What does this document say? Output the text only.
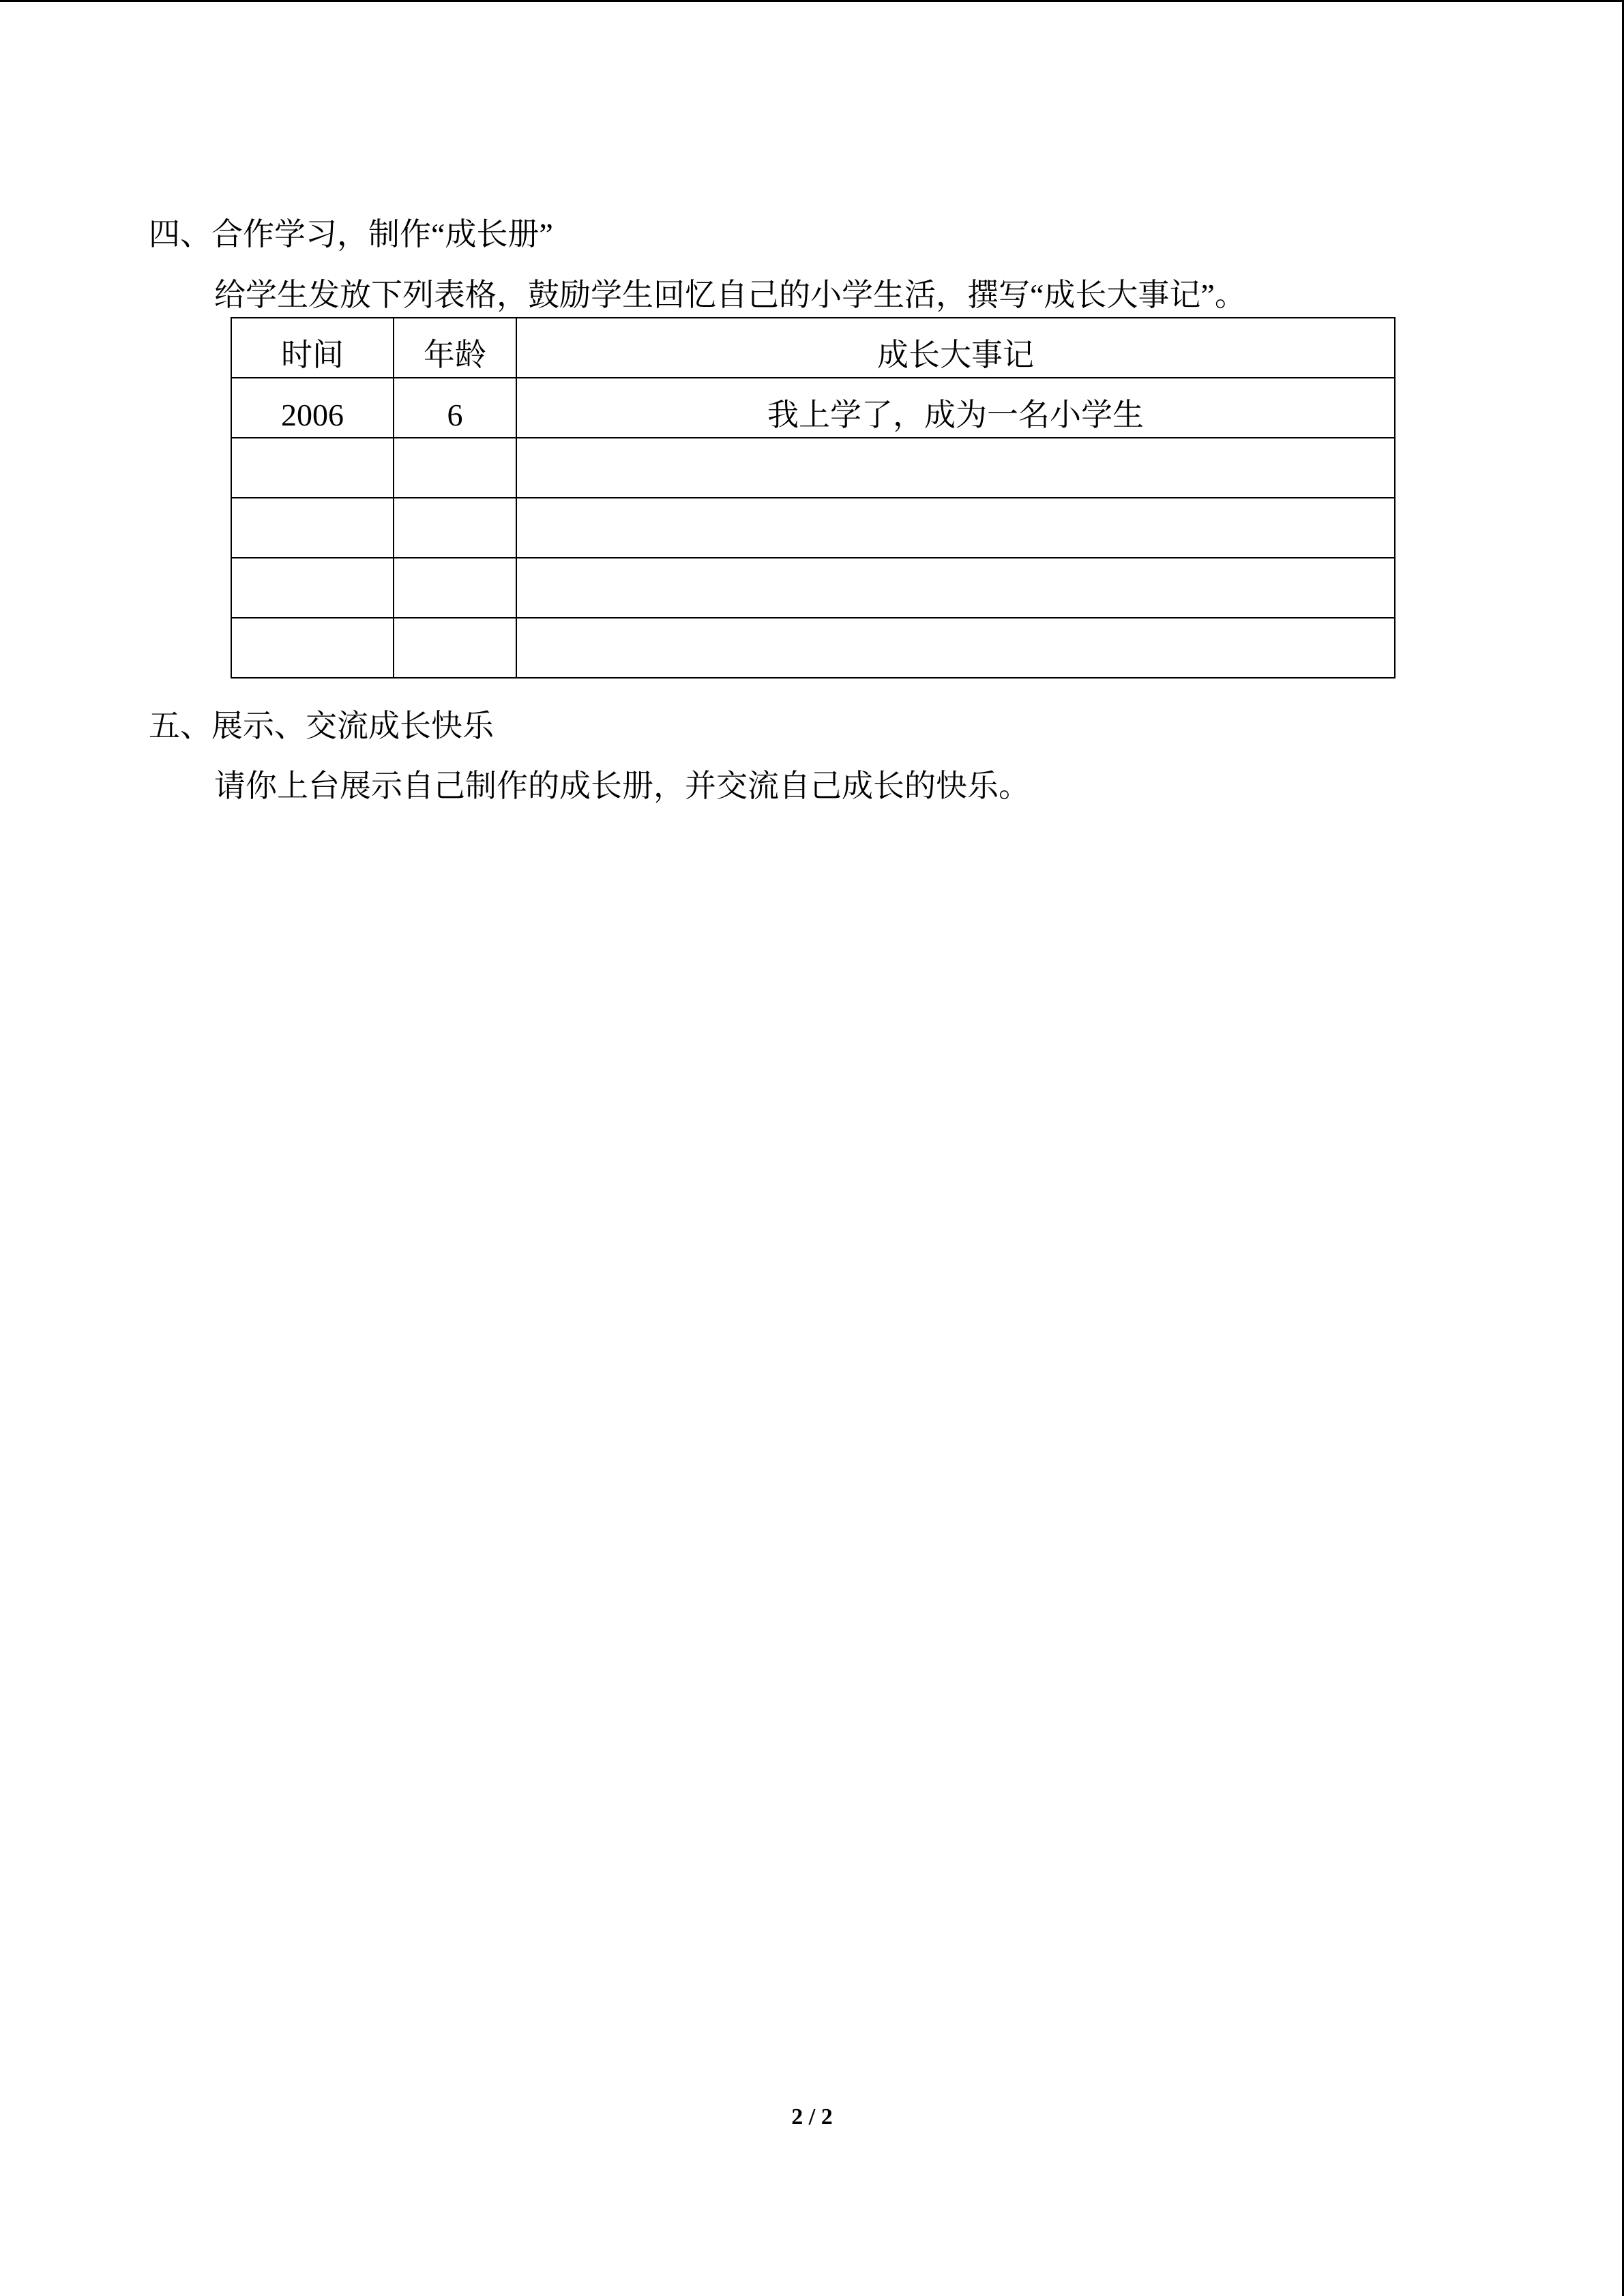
四、合作学习，制作“成长册”
给学生发放下列表格，鼓励学生回忆自己的小学生活，撰写“成长大事记”。
时间	年龄	成长大事记
2006	6	我上学了，成为一名小学生

五、展示、交流成长快乐
请你上台展示自己制作的成长册，并交流自己成长的快乐。
2 / 2
